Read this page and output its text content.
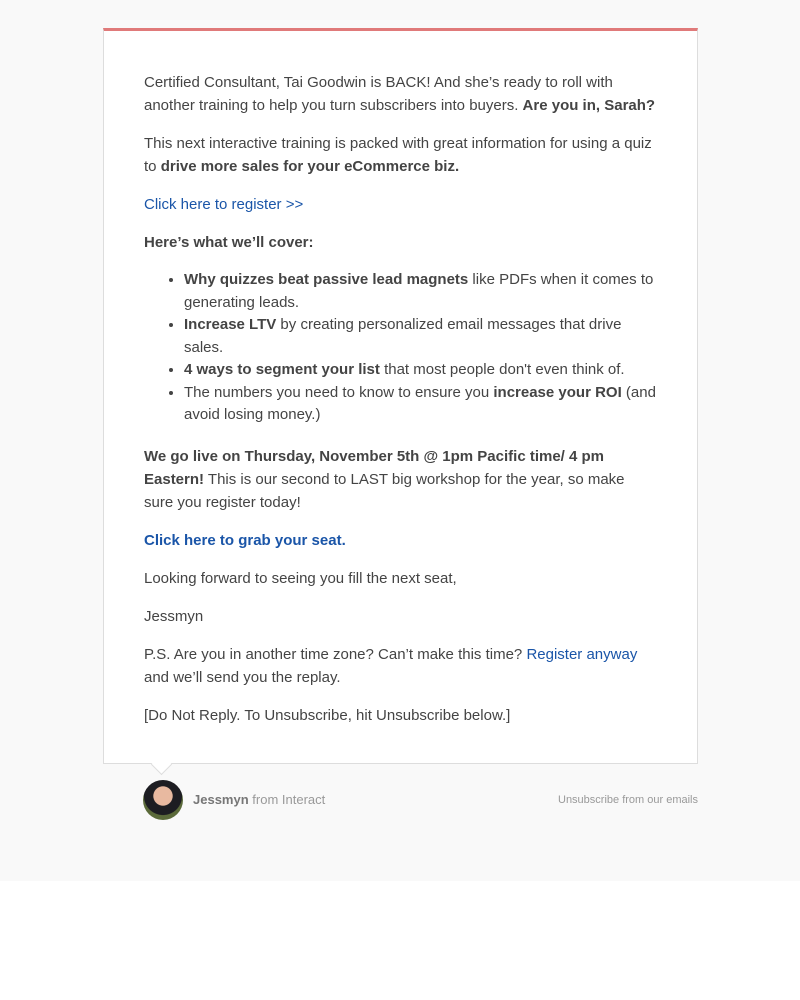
Certified Consultant, Tai Goodwin is BACK! And she’s ready to roll with another training to help you turn subscribers into buyers. Are you in, Sarah?

This next interactive training is packed with great information for using a quiz to drive more sales for your eCommerce biz.

Click here to register >>

Here’s what we’ll cover:

• Why quizzes beat passive lead magnets like PDFs when it comes to generating leads.
• Increase LTV by creating personalized email messages that drive sales.
• 4 ways to segment your list that most people don't even think of.
• The numbers you need to know to ensure you increase your ROI (and avoid losing money.)

We go live on Thursday, November 5th @ 1pm Pacific time/ 4 pm Eastern! This is our second to LAST big workshop for the year, so make sure you register today!

Click here to grab your seat.

Looking forward to seeing you fill the next seat,

Jessmyn

P.S. Are you in another time zone? Can’t make this time? Register anyway and we’ll send you the replay.

[Do Not Reply. To Unsubscribe, hit Unsubscribe below.]

Jessmyn from Interact	Unsubscribe from our emails
